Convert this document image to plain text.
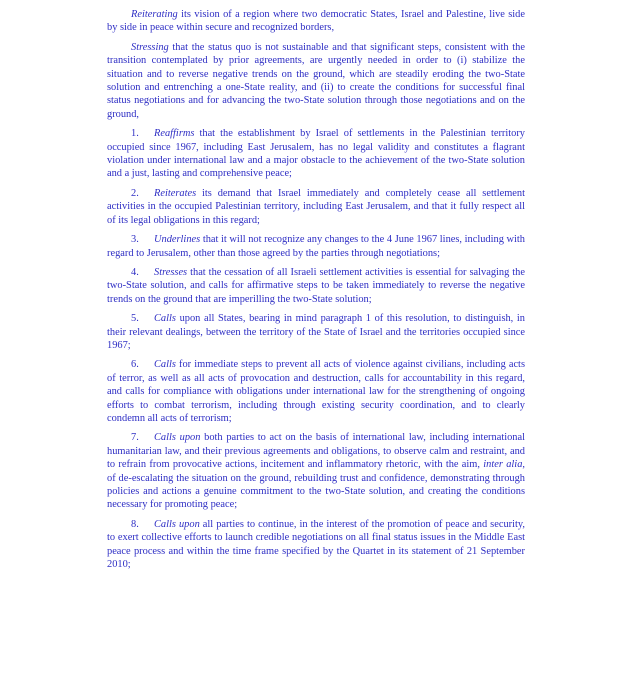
Reiterating its vision of a region where two democratic States, Israel and Palestine, live side by side in peace within secure and recognized borders,

Stressing that the status quo is not sustainable and that significant steps, consistent with the transition contemplated by prior agreements, are urgently needed in order to (i) stabilize the situation and to reverse negative trends on the ground, which are steadily eroding the two-State solution and entrenching a one-State reality, and (ii) to create the conditions for successful final status negotiations and for advancing the two-State solution through those negotiations and on the ground,

1. Reaffirms that the establishment by Israel of settlements in the Palestinian territory occupied since 1967, including East Jerusalem, has no legal validity and constitutes a flagrant violation under international law and a major obstacle to the achievement of the two-State solution and a just, lasting and comprehensive peace;

2. Reiterates its demand that Israel immediately and completely cease all settlement activities in the occupied Palestinian territory, including East Jerusalem, and that it fully respect all of its legal obligations in this regard;

3. Underlines that it will not recognize any changes to the 4 June 1967 lines, including with regard to Jerusalem, other than those agreed by the parties through negotiations;

4. Stresses that the cessation of all Israeli settlement activities is essential for salvaging the two-State solution, and calls for affirmative steps to be taken immediately to reverse the negative trends on the ground that are imperilling the two-State solution;

5. Calls upon all States, bearing in mind paragraph 1 of this resolution, to distinguish, in their relevant dealings, between the territory of the State of Israel and the territories occupied since 1967;

6. Calls for immediate steps to prevent all acts of violence against civilians, including acts of terror, as well as all acts of provocation and destruction, calls for accountability in this regard, and calls for compliance with obligations under international law for the strengthening of ongoing efforts to combat terrorism, including through existing security coordination, and to clearly condemn all acts of terrorism;

7. Calls upon both parties to act on the basis of international law, including international humanitarian law, and their previous agreements and obligations, to observe calm and restraint, and to refrain from provocative actions, incitement and inflammatory rhetoric, with the aim, inter alia, of de-escalating the situation on the ground, rebuilding trust and confidence, demonstrating through policies and actions a genuine commitment to the two-State solution, and creating the conditions necessary for promoting peace;

8. Calls upon all parties to continue, in the interest of the promotion of peace and security, to exert collective efforts to launch credible negotiations on all final status issues in the Middle East peace process and within the time frame specified by the Quartet in its statement of 21 September 2010;
